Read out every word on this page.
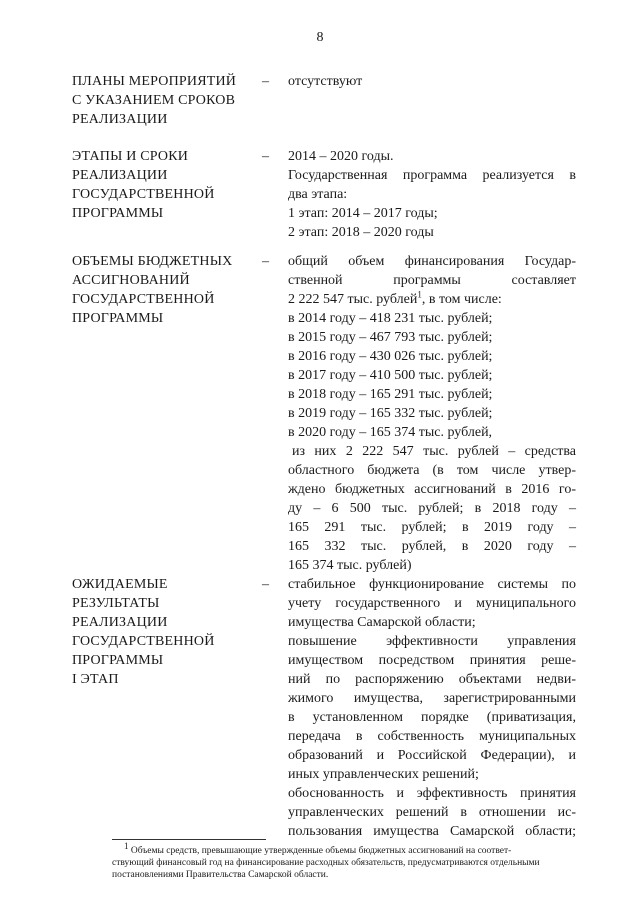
8
ПЛАНЫ МЕРОПРИЯТИЙ
С УКАЗАНИЕМ СРОКОВ
РЕАЛИЗАЦИИ
– отсутствуют
ЭТАПЫ И СРОКИ
РЕАЛИЗАЦИИ
ГОСУДАРСТВЕННОЙ
ПРОГРАММЫ
– 2014 – 2020 годы.
Государственная программа реализуется в
два этапа:
1 этап: 2014 – 2017 годы;
2 этап: 2018 – 2020 годы
ОБЪЕМЫ БЮДЖЕТНЫХ
АССИГНОВАНИЙ
ГОСУДАРСТВЕННОЙ
ПРОГРАММЫ
– общий объем финансирования Государ-
ственной программы составляет
2 222 547 тыс. рублей$^1$, в том числе:
в 2014 году – 418 231 тыс. рублей;
в 2015 году – 467 793 тыс. рублей;
в 2016 году – 430 026 тыс. рублей;
в 2017 году – 410 500 тыс. рублей;
в 2018 году – 165 291 тыс. рублей;
в 2019 году – 165 332 тыс. рублей;
в 2020 году – 165 374 тыс. рублей,
из них 2 222 547 тыс. рублей – средства
областного бюджета (в том числе утвер-
ждено бюджетных ассигнований в 2016 го-
ду – 6 500 тыс. рублей; в 2018 году –
165 291 тыс. рублей; в 2019 году –
165 332 тыс. рублей, в 2020 году –
165 374 тыс. рублей)
ОЖИДАЕМЫЕ
РЕЗУЛЬТАТЫ
РЕАЛИЗАЦИИ
ГОСУДАРСТВЕННОЙ
ПРОГРАММЫ
I ЭТАП
– стабильное функционирование системы по
учету государственного и муниципального
имущества Самарской области;
повышение эффективности управления
имуществом посредством принятия реше-
ний по распоряжению объектами недви-
жимого имущества, зарегистрированными
в установленном порядке (приватизация,
передача в собственность муниципальных
образований и Российской Федерации), и
иных управленческих решений;
обоснованность и эффективность принятия
управленческих решений в отношении ис-
пользования имущества Самарской области;
$^1$ Объемы средств, превышающие утвержденные объемы бюджетных ассигнований на соответ-
ствующий финансовый год на финансирование расходных обязательств, предусматриваются отдельными
постановлениями Правительства Самарской области.
